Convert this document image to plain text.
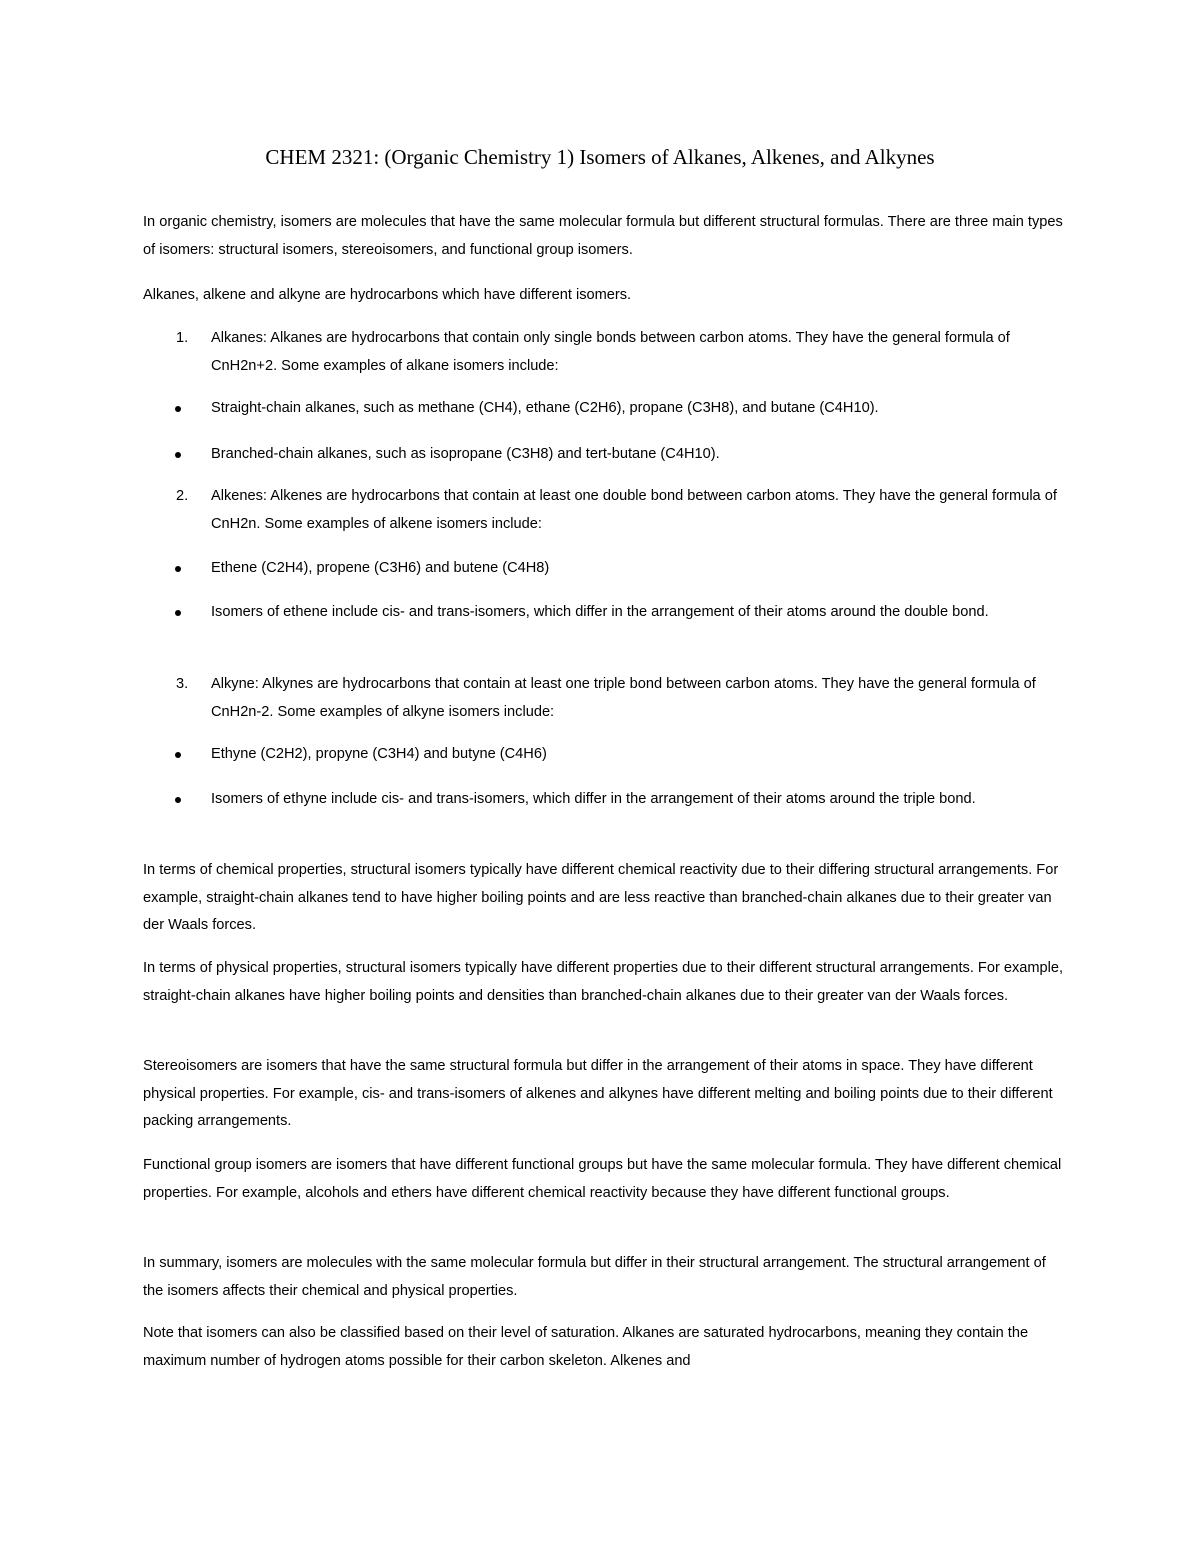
CHEM 2321: (Organic Chemistry 1) Isomers of Alkanes, Alkenes, and Alkynes
In organic chemistry, isomers are molecules that have the same molecular formula but different structural formulas. There are three main types of isomers: structural isomers, stereoisomers, and functional group isomers.
Alkanes, alkene and alkyne are hydrocarbons which have different isomers.
1.	Alkanes: Alkanes are hydrocarbons that contain only single bonds between carbon atoms. They have the general formula of CnH2n+2. Some examples of alkane isomers include:
Straight-chain alkanes, such as methane (CH4), ethane (C2H6), propane (C3H8), and butane (C4H10).
Branched-chain alkanes, such as isopropane (C3H8) and tert-butane (C4H10).
2.	Alkenes: Alkenes are hydrocarbons that contain at least one double bond between carbon atoms. They have the general formula of CnH2n. Some examples of alkene isomers include:
Ethene (C2H4), propene (C3H6) and butene (C4H8)
Isomers of ethene include cis- and trans-isomers, which differ in the arrangement of their atoms around the double bond.
3.	Alkyne: Alkynes are hydrocarbons that contain at least one triple bond between carbon atoms. They have the general formula of CnH2n-2. Some examples of alkyne isomers include:
Ethyne (C2H2), propyne (C3H4) and butyne (C4H6)
Isomers of ethyne include cis- and trans-isomers, which differ in the arrangement of their atoms around the triple bond.
In terms of chemical properties, structural isomers typically have different chemical reactivity due to their differing structural arrangements. For example, straight-chain alkanes tend to have higher boiling points and are less reactive than branched-chain alkanes due to their greater van der Waals forces.
In terms of physical properties, structural isomers typically have different properties due to their different structural arrangements. For example, straight-chain alkanes have higher boiling points and densities than branched-chain alkanes due to their greater van der Waals forces.
Stereoisomers are isomers that have the same structural formula but differ in the arrangement of their atoms in space. They have different physical properties. For example, cis- and trans-isomers of alkenes and alkynes have different melting and boiling points due to their different packing arrangements.
Functional group isomers are isomers that have different functional groups but have the same molecular formula. They have different chemical properties. For example, alcohols and ethers have different chemical reactivity because they have different functional groups.
In summary, isomers are molecules with the same molecular formula but differ in their structural arrangement. The structural arrangement of the isomers affects their chemical and physical properties.
Note that isomers can also be classified based on their level of saturation. Alkanes are saturated hydrocarbons, meaning they contain the maximum number of hydrogen atoms possible for their carbon skeleton. Alkenes and
